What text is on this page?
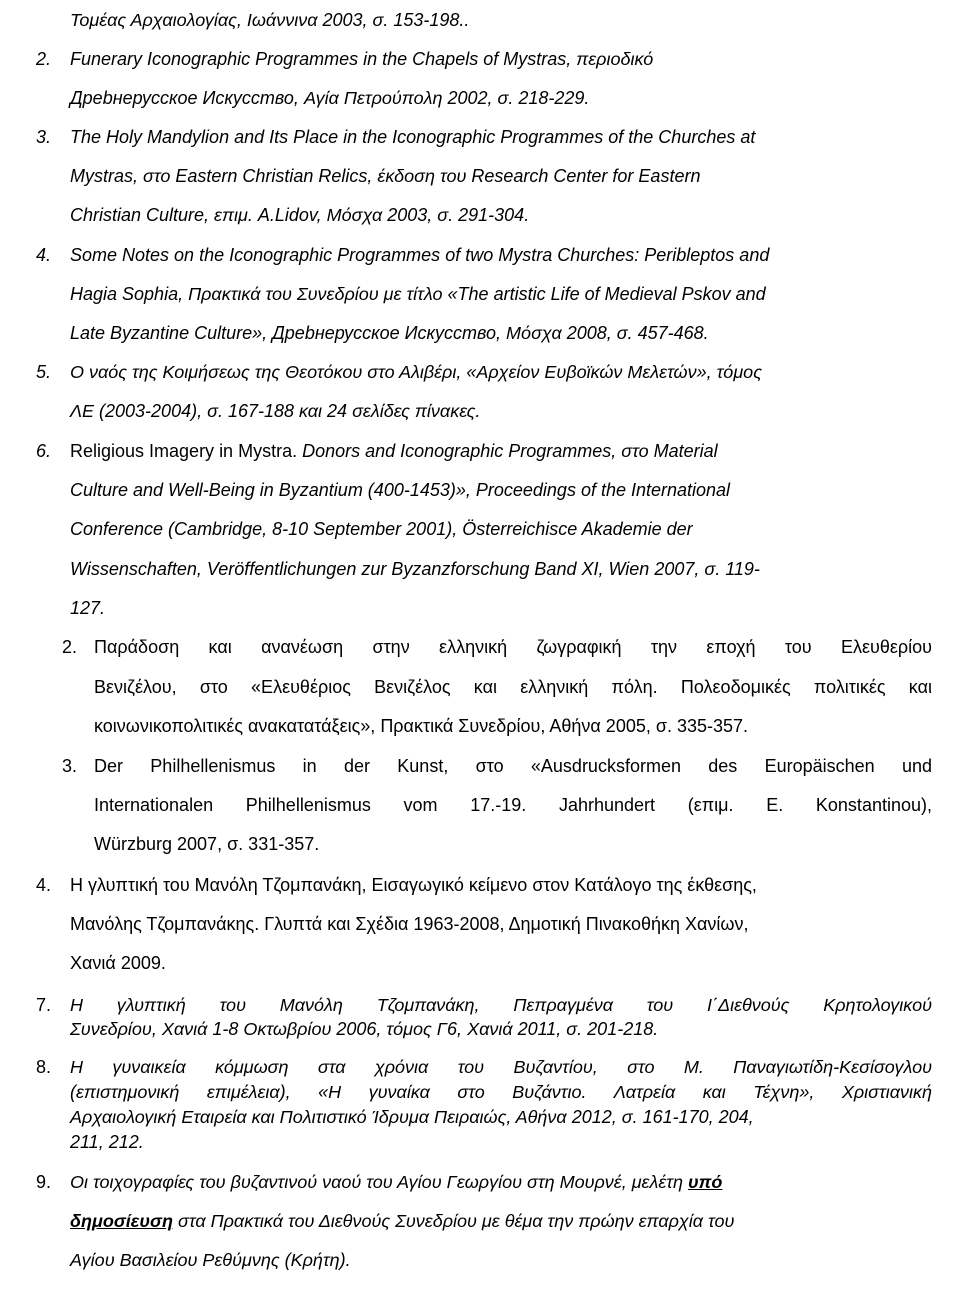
Τομέας Αρχαιολογίας, Ιωάννινα 2003, σ. 153-198..
2. Funerary Iconographic Programmes in the Chapels of Mystras, περιοδικό
Дреbнерусское Искусство, Αγία Πετρούπολη 2002, σ. 218-229.
3. The Holy Mandylion and Its Place in the Iconographic Programmes of the Churches at
Mystras, στο Eastern Christian Relics, έκδοση του Research Center for Eastern
Christian Culture, επιμ. A.Lidov, Μόσχα 2003, σ. 291-304.
4. Some Notes on the Iconographic Programmes of two Mystra Churches: Peribleptos and
Hagia Sophia, Πρακτικά του Συνεδρίου με τίτλο «The artistic Life of Medieval Pskov and
Late Byzantine Culture», Дреbнерусское Искусство, Μόσχα 2008, σ. 457-468.
5. Ο ναός της Κοιμήσεως της Θεοτόκου στο Αλιβέρι, «Αρχείον Ευβοϊκών Μελετών», τόμος
ΛΕ (2003-2004), σ. 167-188 και 24 σελίδες πίνακες.
6. Religious Imagery in Mystra. Donors and Iconographic Programmes, στο Material
Culture and Well-Being in Byzantium (400-1453)», Proceedings of the International
Conference (Cambridge, 8-10 September 2001), Österreichisce Akademie der
Wissenschaften, Veröffentlichungen zur Byzanzforschung Band XI, Wien 2007, σ. 119-
127.
2. Παράδοση και ανανέωση στην ελληνική ζωγραφική την εποχή του Ελευθερίου
Βενιζέλου, στο «Ελευθέριος Βενιζέλος και ελληνική πόλη. Πολεοδομικές πολιτικές και
κοινωνικοπολιτικές ανακατατάξεις», Πρακτικά Συνεδρίου, Αθήνα 2005, σ. 335-357.
3. Der Philhellenismus in der Kunst, στο «Ausdrucksformen des Europäischen und
Internationalen Philhellenismus vom 17.-19. Jahrhundert (επιμ. E. Konstantinou),
Würzburg 2007, σ. 331-357.
4. Η γλυπτική του Μανόλη Τζομπανάκη, Εισαγωγικό κείμενο στον Κατάλογο της έκθεσης,
Μανόλης Τζομπανάκης. Γλυπτά και Σχέδια 1963-2008, Δημοτική Πινακοθήκη Χανίων,
Χανιά 2009.
7. Η γλυπτική του Μανόλη Τζομπανάκη, Πεπραγμένα του Ι΄Διεθνούς Κρητολογικού
Συνεδρίου, Χανιά 1-8 Οκτωβρίου 2006, τόμος Γ6, Χανιά 2011, σ. 201-218.
8. Η γυναικεία κόμμωση στα χρόνια του Βυζαντίου, στο Μ. Παναγιωτίδη-Κεσίσογλου
(επιστημονική επιμέλεια), «Η γυναίκα στο Βυζάντιο. Λατρεία και Τέχνη», Χριστιανική
Αρχαιολογική Εταιρεία και Πολιτιστικό Ίδρυμα Πειραιώς, Αθήνα 2012, σ. 161-170, 204,
211, 212.
9. Οι τοιχογραφίες του βυζαντινού ναού του Αγίου Γεωργίου στη Μουρνέ, μελέτη υπό
δημοσίευση στα Πρακτικά του Διεθνούς Συνεδρίου με θέμα την πρώην επαρχία του
Αγίου Βασιλείου Ρεθύμνης (Κρήτη).
